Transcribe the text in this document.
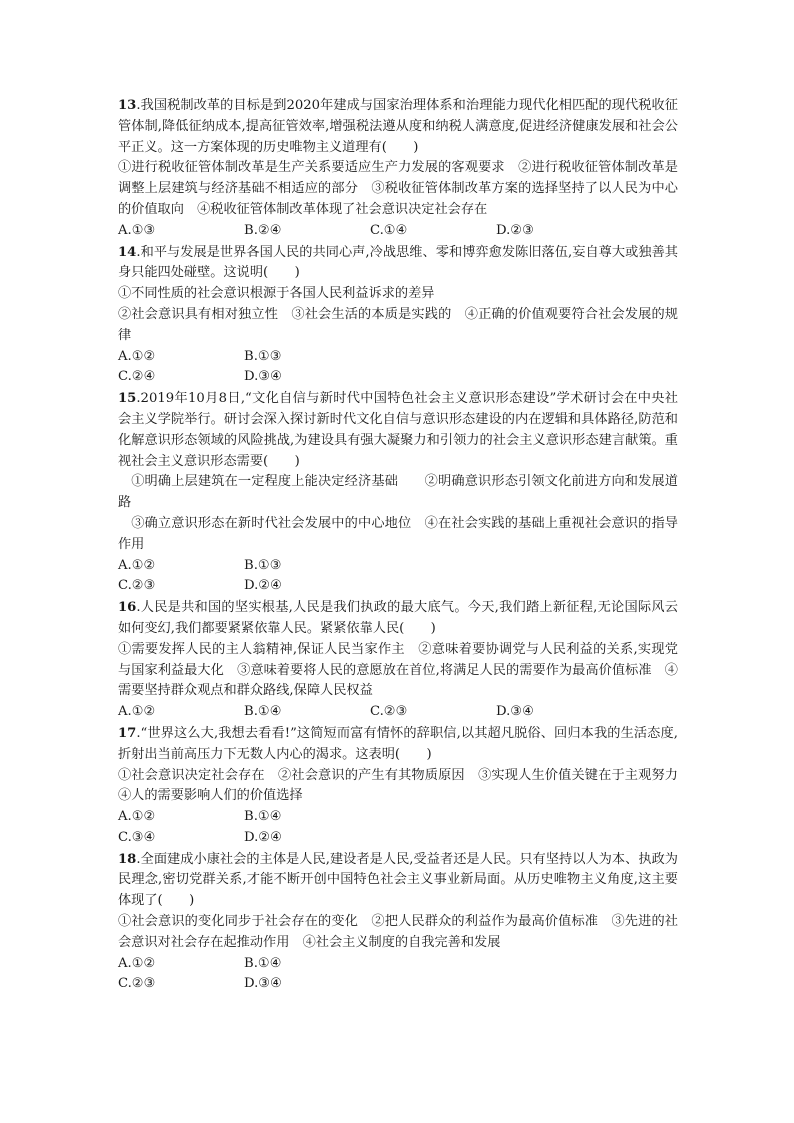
13.我国税制改革的目标是到2020年建成与国家治理体系和治理能力现代化相匹配的现代税收征管体制,降低征纳成本,提高征管效率,增强税法遵从度和纳税人满意度,促进经济健康发展和社会公平正义。这一方案体现的历史唯物主义道理有(　　)

①进行税收征管体制改革是生产关系要适应生产力发展的客观要求　②进行税收征管体制改革是调整上层建筑与经济基础不相适应的部分　③税收征管体制改革方案的选择坚持了以人民为中心的价值取向　④税收征管体制改革体现了社会意识决定社会存在

A.①③	B.②④	C.①④	D.②③

14.和平与发展是世界各国人民的共同心声,冷战思维、零和博弈愈发陈旧落伍,妄自尊大或独善其身只能四处碰壁。这说明(　　)

①不同性质的社会意识根源于各国人民利益诉求的差异

②社会意识具有相对独立性　③社会生活的本质是实践的　④正确的价值观要符合社会发展的规律

A.①②	B.①③
C.②④	D.③④

15.2019年10月8日,“文化自信与新时代中国特色社会主义意识形态建设”学术研讨会在中央社会主义学院举行。研讨会深入探讨新时代文化自信与意识形态建设的内在逻辑和具体路径,防范和化解意识形态领域的风险挑战,为建设具有强大凝聚力和引领力的社会主义意识形态建言献策。重视社会主义意识形态需要(　　)

①明确上层建筑在一定程度上能决定经济基础　　②明确意识形态引领文化前进方向和发展道路

③确立意识形态在新时代社会发展中的中心地位　④在社会实践的基础上重视社会意识的指导作用

A.①②	B.①③
C.②③	D.②④

16.人民是共和国的坚实根基,人民是我们执政的最大底气。今天,我们踏上新征程,无论国际风云如何变幻,我们都要紧紧依靠人民。紧紧依靠人民(　　)

①需要发挥人民的主人翁精神,保证人民当家作主　②意味着要协调党与人民利益的关系,实现党与国家利益最大化　③意味着要将人民的意愿放在首位,将满足人民的需要作为最高价值标准　④需要坚持群众观点和群众路线,保障人民权益

A.①②	B.①④	C.②③	D.③④

17.“世界这么大,我想去看看!”这简短而富有情怀的辞职信,以其超凡脱俗、回归本我的生活态度,折射出当前高压力下无数人内心的渴求。这表明(　　)

①社会意识决定社会存在　②社会意识的产生有其物质原因　③实现人生价值关键在于主观努力　④人的需要影响人们的价值选择

A.①②	B.①④
C.③④	D.②④

18.全面建成小康社会的主体是人民,建设者是人民,受益者还是人民。只有坚持以人为本、执政为民理念,密切党群关系,才能不断开创中国特色社会主义事业新局面。从历史唯物主义角度,这主要体现了(　　)

①社会意识的变化同步于社会存在的变化　②把人民群众的利益作为最高价值标准　③先进的社会意识对社会存在起推动作用　④社会主义制度的自我完善和发展

A.①②	B.①④
C.②③	D.③④
